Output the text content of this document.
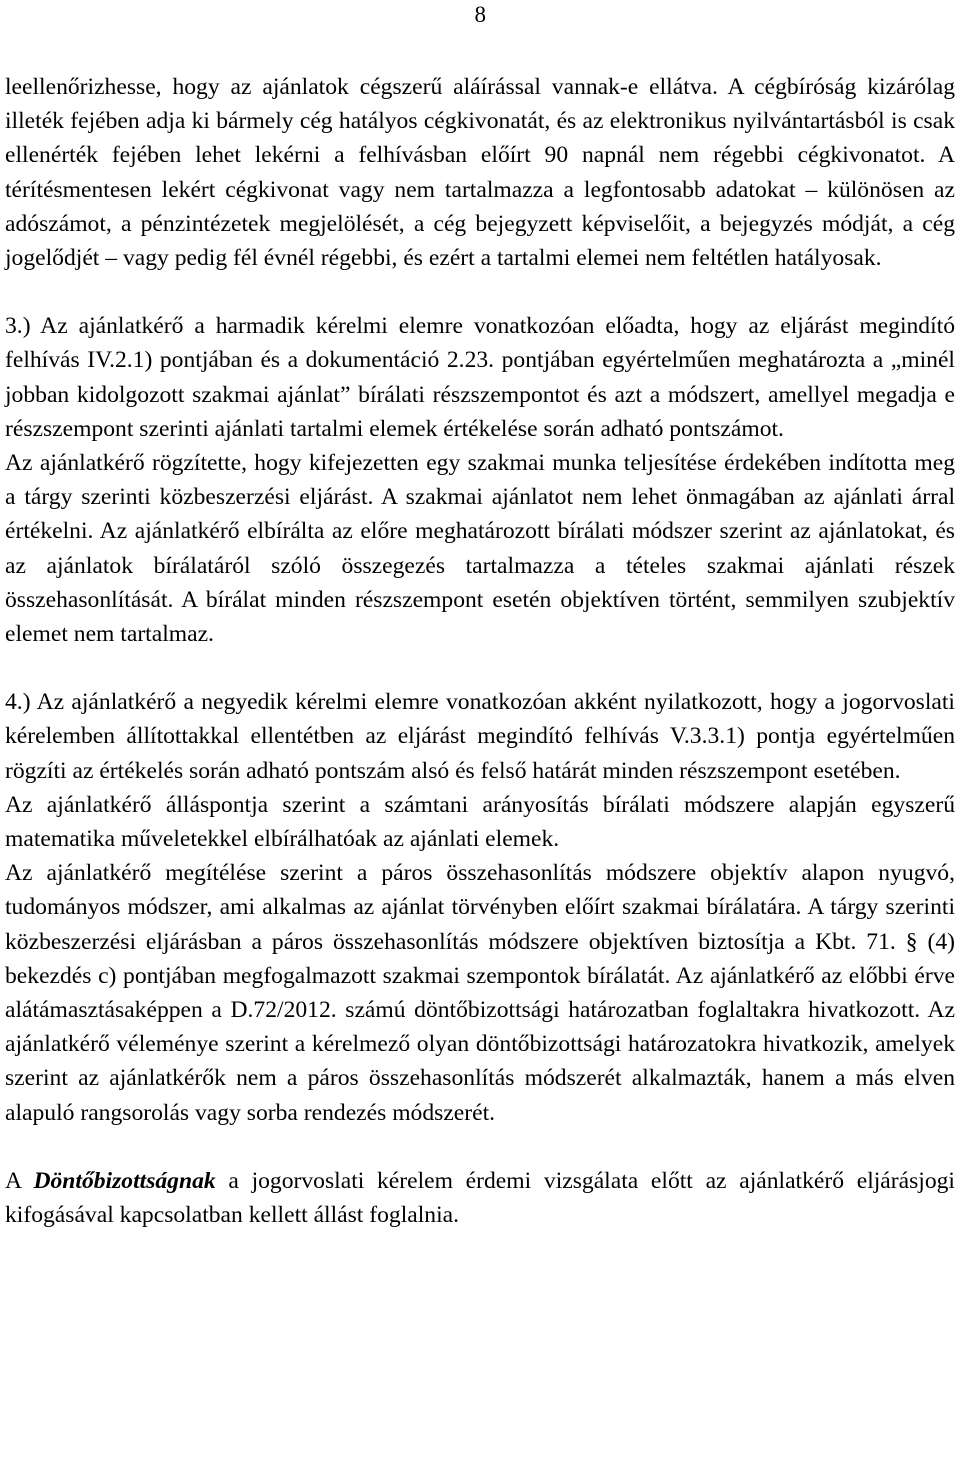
8

leellenőrizhesse, hogy az ajánlatok cégszerű aláírással vannak-e ellátva. A cégbíróság kizárólag illeték fejében adja ki bármely cég hatályos cégkivonatát, és az elektronikus nyilvántartásból is csak ellenérték fejében lehet lekérni a felhívásban előírt 90 napnál nem régebbi cégkivonatot. A térítésmentesen lekért cégkivonat vagy nem tartalmazza a legfontosabb adatokat – különösen az adószámot, a pénzintézetek megjelölését, a cég bejegyzett képviselőit, a bejegyzés módját, a cég jogelődjét – vagy pedig fél évnél régebbi, és ezért a tartalmi elemei nem feltétlen hatályosak.

3.) Az ajánlatkérő a harmadik kérelmi elemre vonatkozóan előadta, hogy az eljárást megindító felhívás IV.2.1) pontjában és a dokumentáció 2.23. pontjában egyértelműen meghatározta a „minél jobban kidolgozott szakmai ajánlat” bírálati részszempontot és azt a módszert, amellyel megadja e részszempont szerinti ajánlati tartalmi elemek értékelése során adható pontszámot.

Az ajánlatkérő rögzítette, hogy kifejezetten egy szakmai munka teljesítése érdekében indította meg a tárgy szerinti közbeszerzési eljárást. A szakmai ajánlatot nem lehet önmagában az ajánlati árral értékelni. Az ajánlatkérő elbírálta az előre meghatározott bírálati módszer szerint az ajánlatokat, és az ajánlatok bírálatáról szóló összegezés tartalmazza a tételes szakmai ajánlati részek összehasonlítását. A bírálat minden részszempont esetén objektíven történt, semmilyen szubjektív elemet nem tartalmaz.

4.) Az ajánlatkérő a negyedik kérelmi elemre vonatkozóan akként nyilatkozott, hogy a jogorvoslati kérelemben állítottakkal ellentétben az eljárást megindító felhívás V.3.3.1) pontja egyértelműen rögzíti az értékelés során adható pontszám alsó és felső határát minden részszempont esetében.

Az ajánlatkérő álláspontja szerint a számtani arányosítás bírálati módszere alapján egyszerű matematika műveletekkel elbírálhatóak az ajánlati elemek.

Az ajánlatkérő megítélése szerint a páros összehasonlítás módszere objektív alapon nyugvó, tudományos módszer, ami alkalmas az ajánlat törvényben előírt szakmai bírálatára. A tárgy szerinti közbeszerzési eljárásban a páros összehasonlítás módszere objektíven biztosítja a Kbt. 71. § (4) bekezdés c) pontjában megfogalmazott szakmai szempontok bírálatát. Az ajánlatkérő az előbbi érve alátámasztásaképpen a D.72/2012. számú döntőbizottsági határozatban foglaltakra hivatkozott. Az ajánlatkérő véleménye szerint a kérelmező olyan döntőbizottsági határozatokra hivatkozik, amelyek szerint az ajánlatkérők nem a páros összehasonlítás módszerét alkalmazták, hanem a más elven alapuló rangsorolás vagy sorba rendezés módszerét.

A Döntőbizottságnak a jogorvoslati kérelem érdemi vizsgálata előtt az ajánlatkérő eljárásjogi kifogásával kapcsolatban kellett állást foglalnia.
